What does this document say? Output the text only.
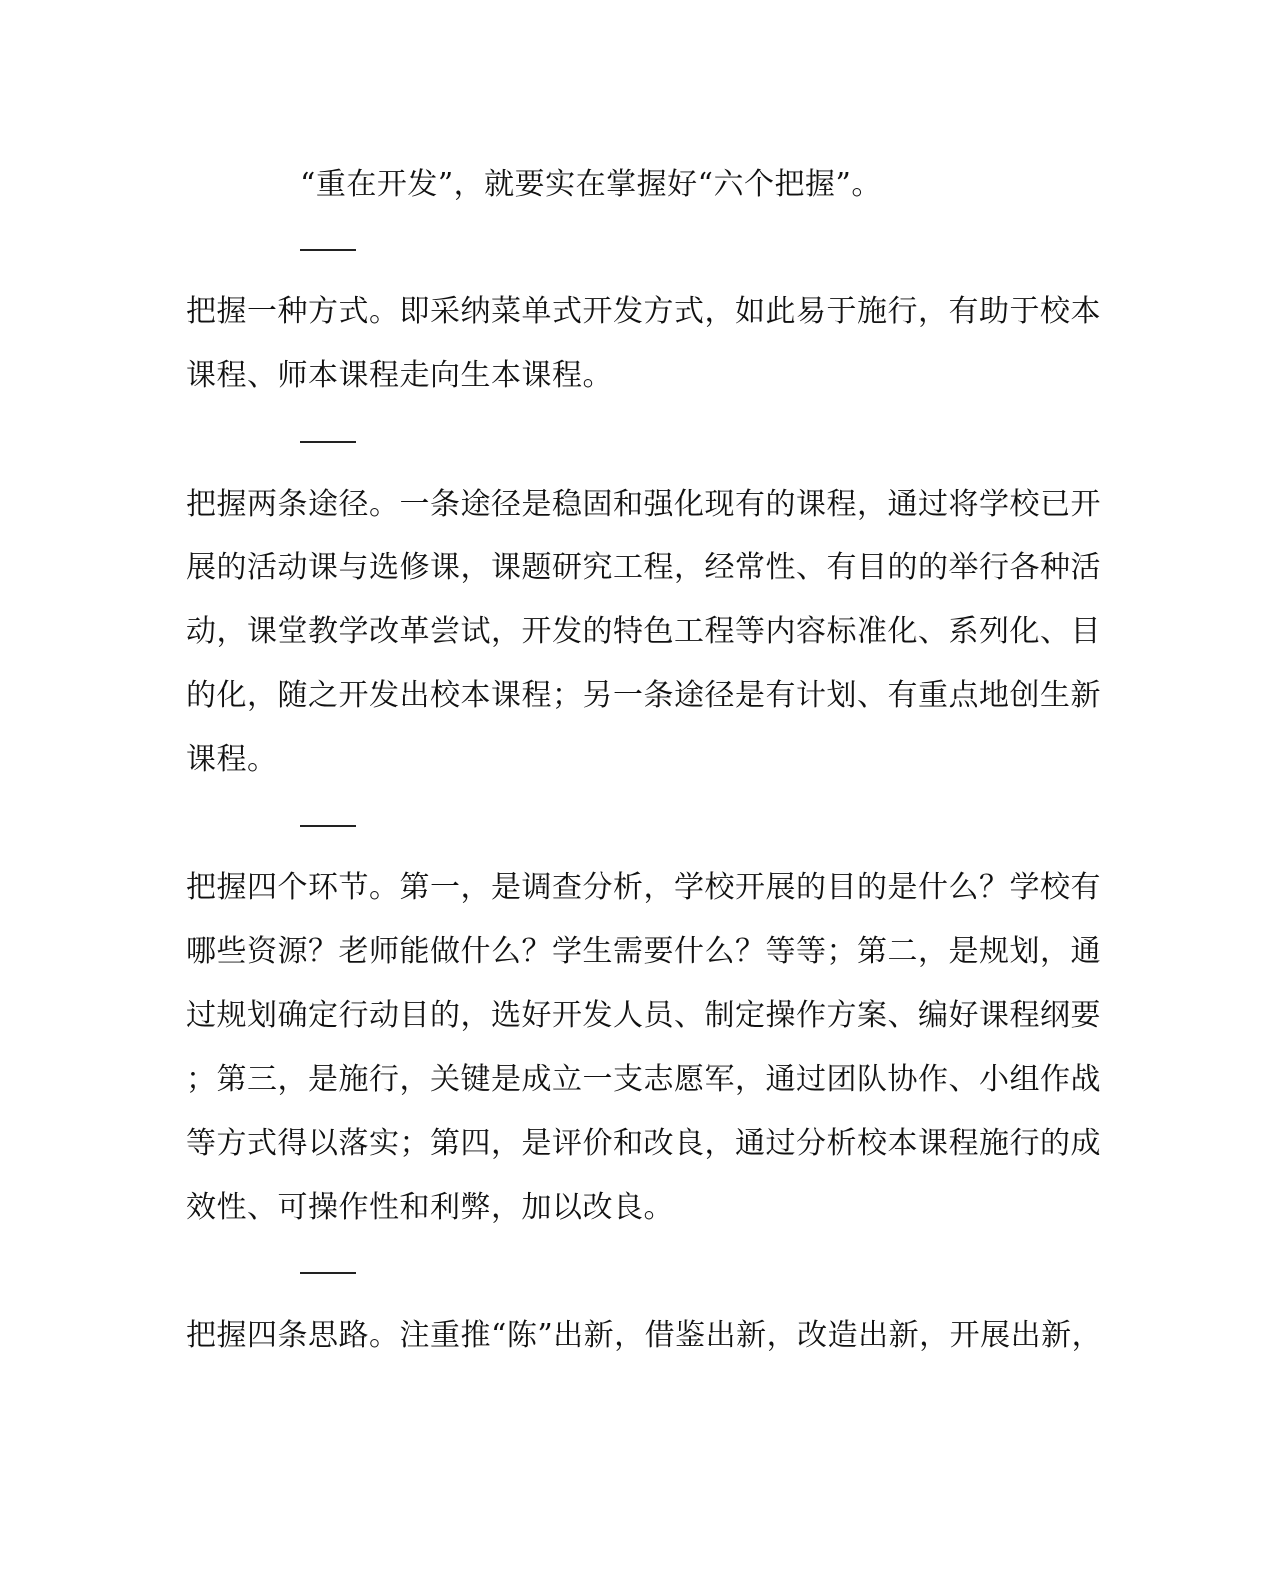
“重在开发”，就要实在掌握好“六个把握”。
把握一种方式。即采纳菜单式开发方式，如此易于施行，有助于校本
课程、师本课程走向生本课程。
把握两条途径。一条途径是稳固和强化现有的课程，通过将学校已开
展的活动课与选修课，课题研究工程，经常性、有目的的举行各种活
动，课堂教学改革尝试，开发的特色工程等内容标准化、系列化、目
的化，随之开发出校本课程；另一条途径是有计划、有重点地创生新
课程。
把握四个环节。第一，是调查分析，学校开展的目的是什么？学校有
哪些资源？老师能做什么？学生需要什么？等等；第二，是规划，通
过规划确定行动目的，选好开发人员、制定操作方案、编好课程纲要
；第三，是施行，关键是成立一支志愿军，通过团队协作、小组作战
等方式得以落实；第四，是评价和改良，通过分析校本课程施行的成
效性、可操作性和利弊，加以改良。
把握四条思路。注重推“陈”出新，借鉴出新，改造出新，开展出新，
